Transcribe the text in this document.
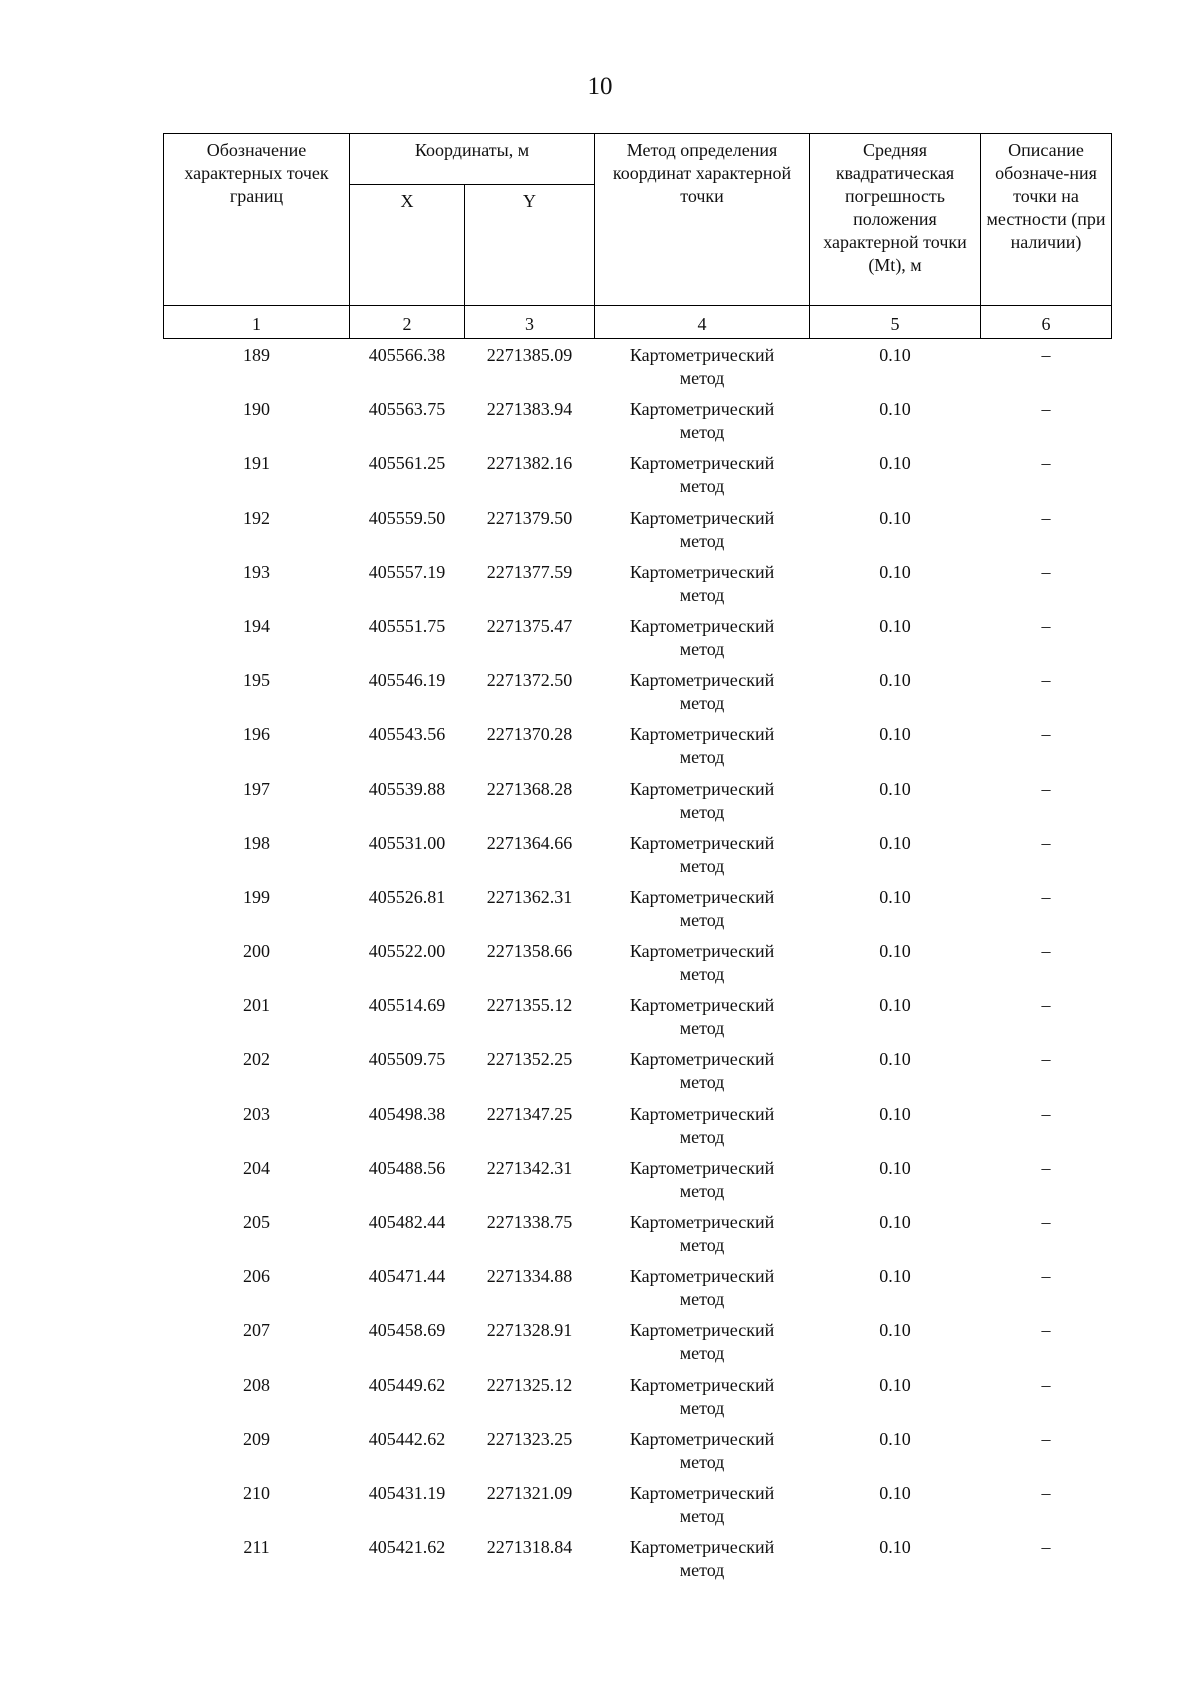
10
Обозначение характерных точек границ	Координаты, м		Метод определения координат характерной точки	Средняя квадратическая погрешность положения характерной точки (Mt), м	Описание обозначе-ния точки на местности (при наличии)
	X	Y			
1	2	3	4	5	6
189	405566.38	2271385.09	Картометрический метод	0.10	–
190	405563.75	2271383.94	Картометрический метод	0.10	–
191	405561.25	2271382.16	Картометрический метод	0.10	–
192	405559.50	2271379.50	Картометрический метод	0.10	–
193	405557.19	2271377.59	Картометрический метод	0.10	–
194	405551.75	2271375.47	Картометрический метод	0.10	–
195	405546.19	2271372.50	Картометрический метод	0.10	–
196	405543.56	2271370.28	Картометрический метод	0.10	–
197	405539.88	2271368.28	Картометрический метод	0.10	–
198	405531.00	2271364.66	Картометрический метод	0.10	–
199	405526.81	2271362.31	Картометрический метод	0.10	–
200	405522.00	2271358.66	Картометрический метод	0.10	–
201	405514.69	2271355.12	Картометрический метод	0.10	–
202	405509.75	2271352.25	Картометрический метод	0.10	–
203	405498.38	2271347.25	Картометрический метод	0.10	–
204	405488.56	2271342.31	Картометрический метод	0.10	–
205	405482.44	2271338.75	Картометрический метод	0.10	–
206	405471.44	2271334.88	Картометрический метод	0.10	–
207	405458.69	2271328.91	Картометрический метод	0.10	–
208	405449.62	2271325.12	Картометрический метод	0.10	–
209	405442.62	2271323.25	Картометрический метод	0.10	–
210	405431.19	2271321.09	Картометрический метод	0.10	–
211	405421.62	2271318.84	Картометрический метод	0.10	–
